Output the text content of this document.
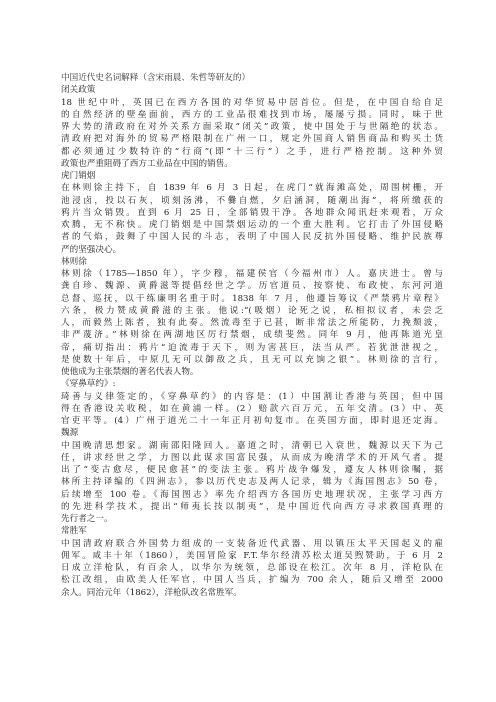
中国近代史名词解释（含宋雨晨、朱哲等研友的）
闭关政策
18 世纪中叶，英国已在西方各国的对华贸易中居首位。但是，在中国自给自足
的自然经济的壁垒面前，西方的工业品很难找到市场，屡屡亏损。同时，味于世
界大势的清政府在对外关系方面采取“闭关”政策，使中国处于与世隔绝的状态。
清政府把对海外的贸易严格限制在广州一口，规定外国商人销售商品和购买土货
都必须通过少数特许的“行商”(即“十三行”）之手，进行严格控制。这种外贸
政策也严重阻碍了西方工业品在中国的销售。
虎门销烟
在林则徐主持下，自 1839 年 6 月 3 日起，在虎门“就海滩高处，周围树栅，开
池浸卤，投以石灰，顷刻汤沸，不爨自燃，夕启涵洞，随潮出海”，将所缴获的
鸦片当众销毁。直到 6 月 25 日，全部销毁干净。各地群众闻讯赶来观看，万众
欢腾，无不称快。虎门销烟是中国禁烟运动的一个重大胜利。它打击了外国侵略
者的气焰，鼓舞了中国人民的斗志，表明了中国人民反抗外国侵略、维护民族尊
严的坚强决心。
林则徐
林则徐（1785—1850 年），字少穆，福建侯官（今福州市）人。嘉庆进士。曾与
龚自珍、魏源、黄爵滋等提倡经世之学。历官道员、按察使、布政使、东河河道
总督、巡抚，以干练廉明名重于时。1838 年 7 月，他遵旨筹议《严禁鸦片章程》
六条，极力赞成黄爵滋的主张。他说:“(吸烟）论死之说，私相拟议者，未尝乏
人，而毅然上陈者，独有此奏。然流毒至于已甚，断非常法之所能防，力挽颓波，
非严蔑济。”林则徐在两湖地区厉行禁烟，成绩斐然。同年 9 月，他再陈道光皇
帝，痛切指出：鸦片“迫流毒于天下，则为害甚巨，法当从严。若犹泄泄视之，
是使数十年后，中原几无可以御敌之兵，且无可以充饷之银”。林则徐的言行，
使他成为主张禁烟的著名代表人物。
《穿鼻草约》:
琦善与义律签定的，《穿鼻草约》的内容是：(1）中国割让香港与英国，但中国
得在香港设关收税，如在黄浦一样。(2）赔款六百万元，五年交清。(3）中、英
官吏平等。(4）广州于道光二十一年正月初旬复市。在英国方面，即时退还定海。
魏源
中国晚清思想家。湖南邵阳隆回人。嘉道之时，清朝已入衰世，魏源以天下为己
任，讲求经世之学，力图以此谋求国富民强，从而成为晚清学术的开风气者。提
出了“变古愈尽，便民愈甚”的变法主张。鸦片战争爆发，遵友人林则徐嘱，据
林所主持译编的《四洲志》，参以历代史志及两人记录，辑为《海国图志》50 卷，
后续增至 100 卷。《海国图志》率先介绍西方各国历史地理状况，主张学习西方
的先进科学技术，提出“师夷长技以制夷”，是中国近代向西方寻求救国真理的
先行者之一。
常胜军
中国清政府联合外国势力组成的一支装备近代武器、用以镇压太平天国起义的雇
佣军。咸丰十年（1860），美国冒险家 F.T.华尔经清苏松太道吴煦赞助，于 6 月 2
日成立洋枪队，有百余人，以华尔为统领，总部设在松江。次年 8 月，洋枪队在
松江改组，由欧美人任军官，中国人当兵，扩编为 700 余人，随后又增至 2000
余人。同治元年（1862），洋枪队改名常胜军。
